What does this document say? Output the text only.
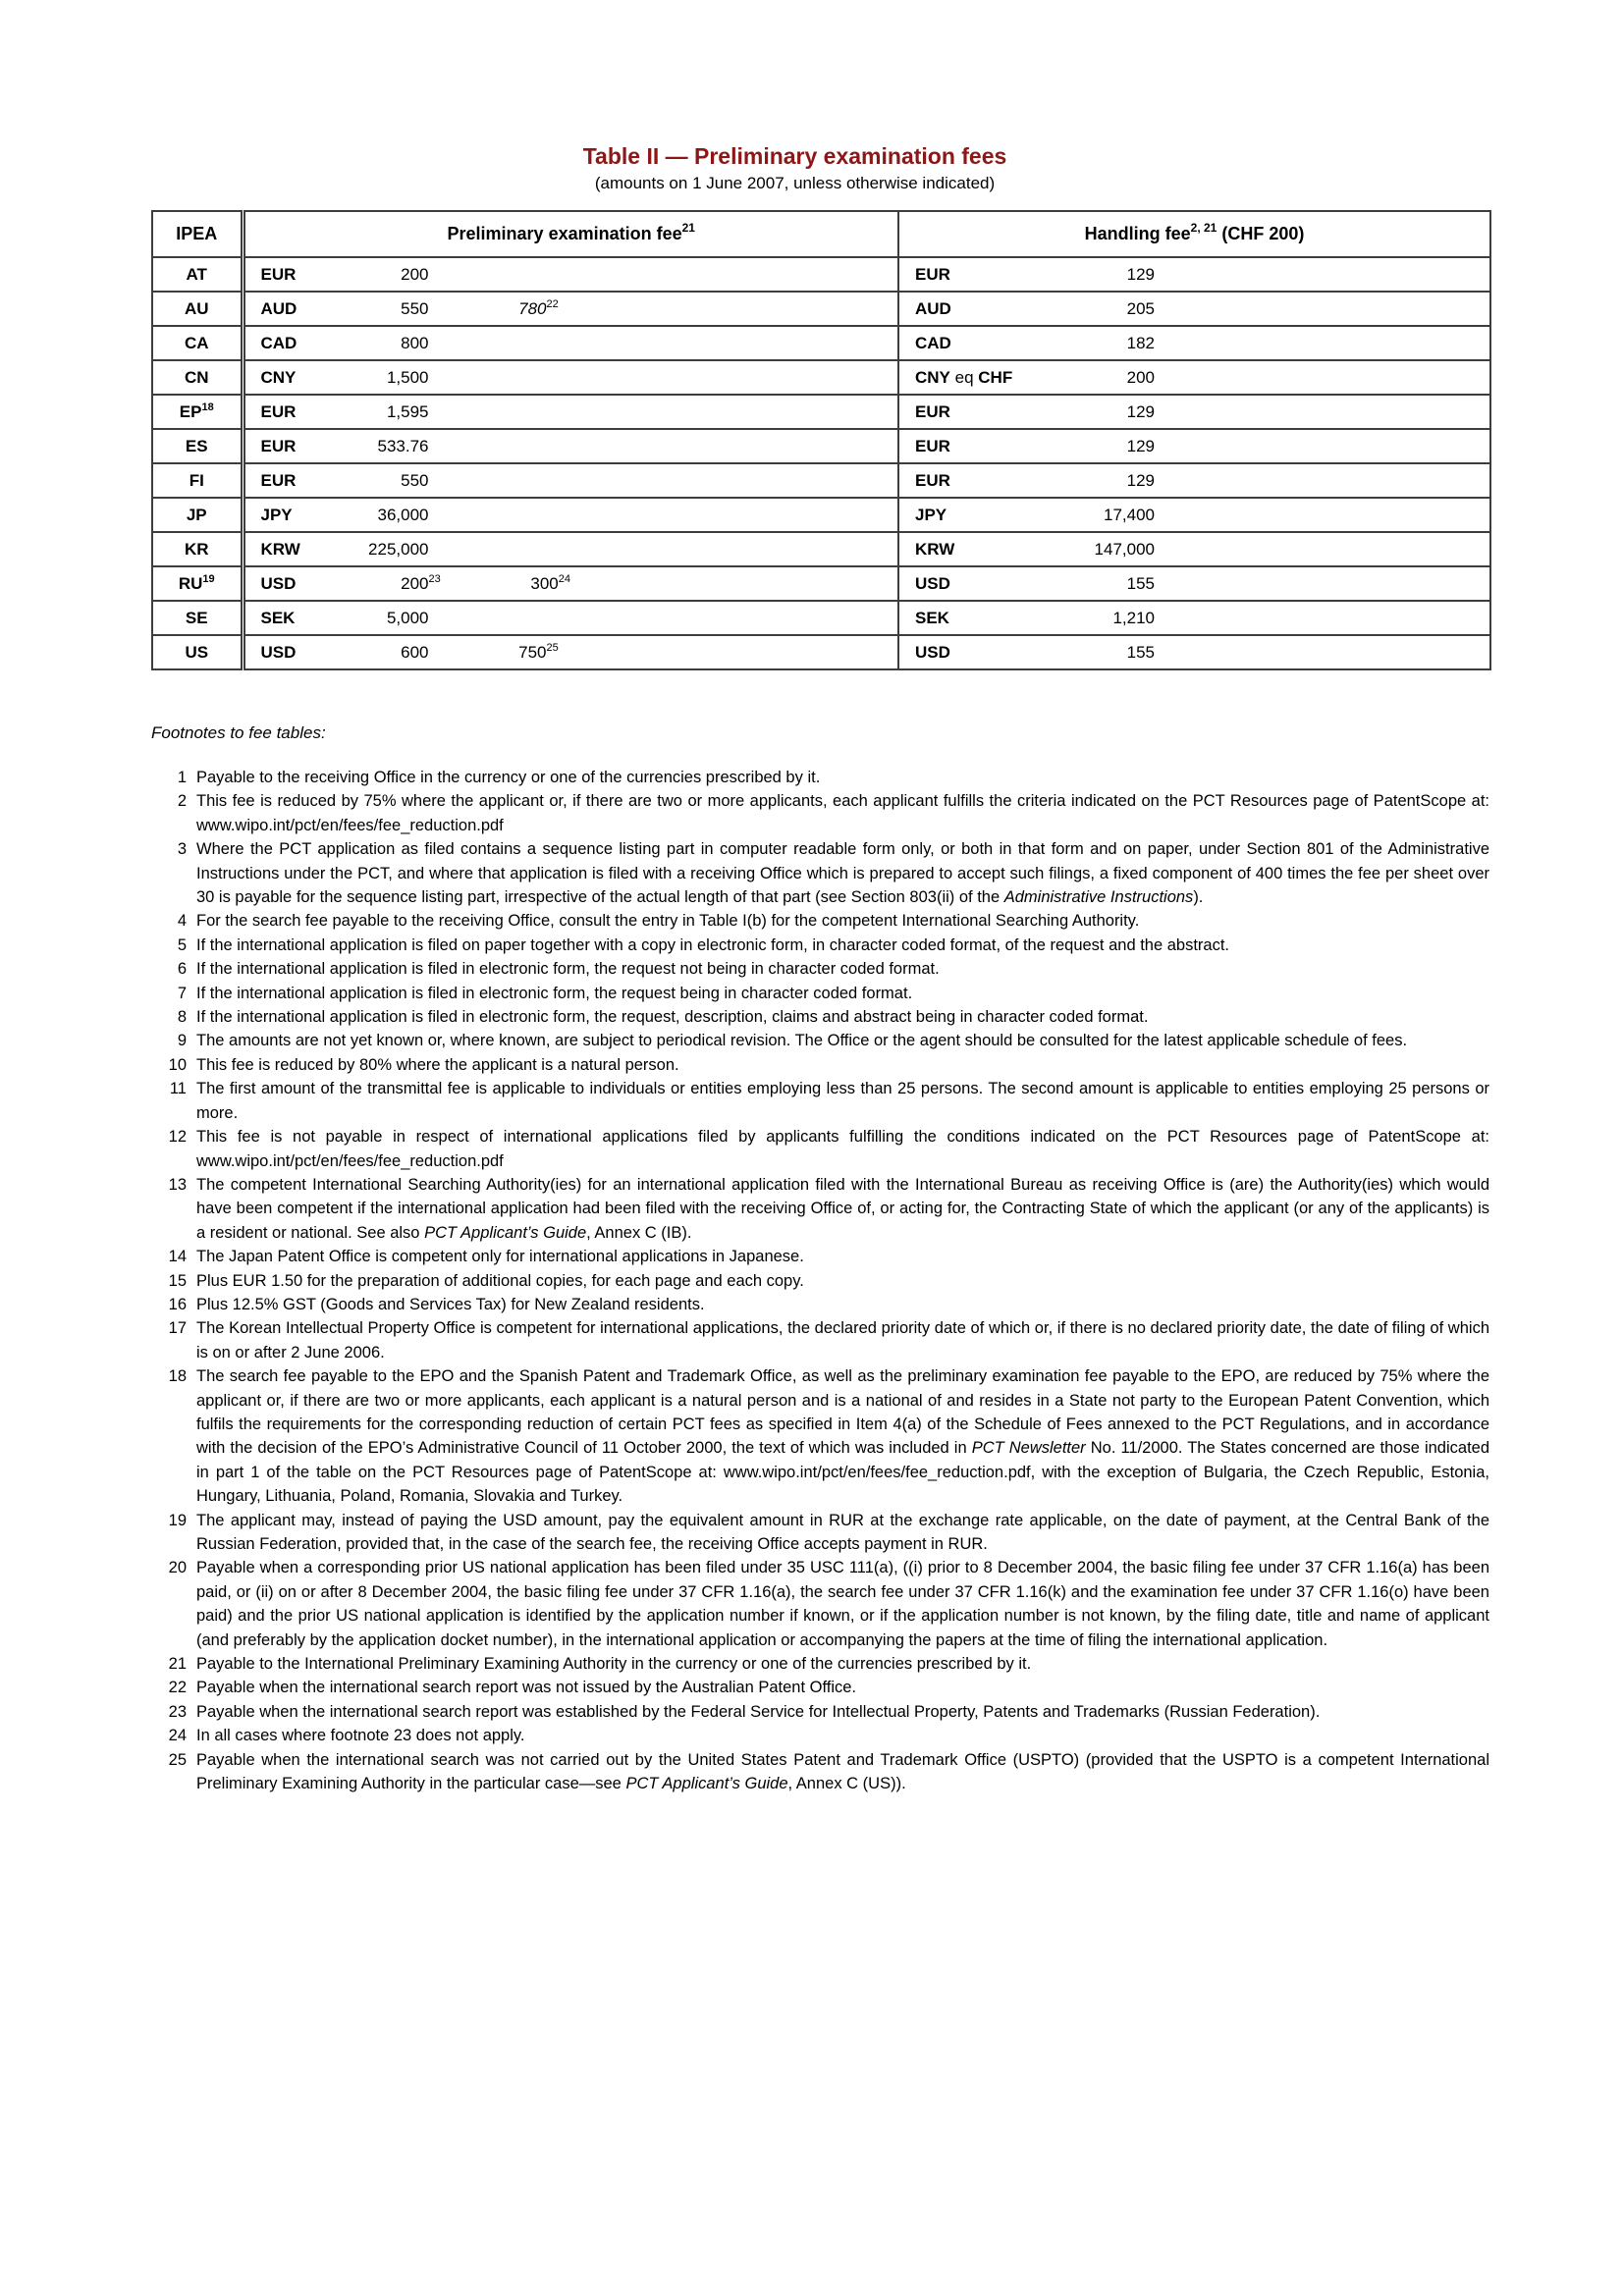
Table II — Preliminary examination fees
(amounts on 1 June 2007, unless otherwise indicated)
IPEA	Preliminary examination fee$^{21}$	Handling fee$^{2, 21}$ (CHF 200)
AT	EUR 200	EUR 129
AU	AUD 550 780$^{22}$	AUD 205
CA	CAD 800	CAD 182
CN	CNY 1,500	CNY eq CHF 200
EP$^{18}$	EUR 1,595	EUR 129
ES	EUR 533.76	EUR 129
FI	EUR 550	EUR 129
JP	JPY 36,000	JPY 17,400
KR	KRW 225,000	KRW 147,000
RU$^{19}$	USD 200$^{23}$ 300$^{24}$	USD 155
SE	SEK 5,000	SEK 1,210
US	USD 600 750$^{25}$	USD 155
Footnotes to fee tables:
1 Payable to the receiving Office in the currency or one of the currencies prescribed by it.
2 This fee is reduced by 75% where the applicant or, if there are two or more applicants, each applicant fulfills the criteria indicated on the PCT Resources page of PatentScope at: www.wipo.int/pct/en/fees/fee_reduction.pdf
3 Where the PCT application as filed contains a sequence listing part in computer readable form only, or both in that form and on paper, under Section 801 of the Administrative Instructions under the PCT, and where that application is filed with a receiving Office which is prepared to accept such filings, a fixed component of 400 times the fee per sheet over 30 is payable for the sequence listing part, irrespective of the actual length of that part (see Section 803(ii) of the Administrative Instructions).
4 For the search fee payable to the receiving Office, consult the entry in Table I(b) for the competent International Searching Authority.
5 If the international application is filed on paper together with a copy in electronic form, in character coded format, of the request and the abstract.
6 If the international application is filed in electronic form, the request not being in character coded format.
7 If the international application is filed in electronic form, the request being in character coded format.
8 If the international application is filed in electronic form, the request, description, claims and abstract being in character coded format.
9 The amounts are not yet known or, where known, are subject to periodical revision. The Office or the agent should be consulted for the latest applicable schedule of fees.
10 This fee is reduced by 80% where the applicant is a natural person.
11 The first amount of the transmittal fee is applicable to individuals or entities employing less than 25 persons. The second amount is applicable to entities employing 25 persons or more.
12 This fee is not payable in respect of international applications filed by applicants fulfilling the conditions indicated on the PCT Resources page of PatentScope at: www.wipo.int/pct/en/fees/fee_reduction.pdf
13 The competent International Searching Authority(ies) for an international application filed with the International Bureau as receiving Office is (are) the Authority(ies) which would have been competent if the international application had been filed with the receiving Office of, or acting for, the Contracting State of which the applicant (or any of the applicants) is a resident or national. See also PCT Applicant’s Guide, Annex C (IB).
14 The Japan Patent Office is competent only for international applications in Japanese.
15 Plus EUR 1.50 for the preparation of additional copies, for each page and each copy.
16 Plus 12.5% GST (Goods and Services Tax) for New Zealand residents.
17 The Korean Intellectual Property Office is competent for international applications, the declared priority date of which or, if there is no declared priority date, the date of filing of which is on or after 2 June 2006.
18 The search fee payable to the EPO and the Spanish Patent and Trademark Office, as well as the preliminary examination fee payable to the EPO, are reduced by 75% where the applicant or, if there are two or more applicants, each applicant is a natural person and is a national of and resides in a State not party to the European Patent Convention, which fulfils the requirements for the corresponding reduction of certain PCT fees as specified in Item 4(a) of the Schedule of Fees annexed to the PCT Regulations, and in accordance with the decision of the EPO’s Administrative Council of 11 October 2000, the text of which was included in PCT Newsletter No. 11/2000. The States concerned are those indicated in part 1 of the table on the PCT Resources page of PatentScope at: www.wipo.int/pct/en/fees/fee_reduction.pdf, with the exception of Bulgaria, the Czech Republic, Estonia, Hungary, Lithuania, Poland, Romania, Slovakia and Turkey.
19 The applicant may, instead of paying the USD amount, pay the equivalent amount in RUR at the exchange rate applicable, on the date of payment, at the Central Bank of the Russian Federation, provided that, in the case of the search fee, the receiving Office accepts payment in RUR.
20 Payable when a corresponding prior US national application has been filed under 35 USC 111(a), ((i) prior to 8 December 2004, the basic filing fee under 37 CFR 1.16(a) has been paid, or (ii) on or after 8 December 2004, the basic filing fee under 37 CFR 1.16(a), the search fee under 37 CFR 1.16(k) and the examination fee under 37 CFR 1.16(o) have been paid) and the prior US national application is identified by the application number if known, or if the application number is not known, by the filing date, title and name of applicant (and preferably by the application docket number), in the international application or accompanying the papers at the time of filing the international application.
21 Payable to the International Preliminary Examining Authority in the currency or one of the currencies prescribed by it.
22 Payable when the international search report was not issued by the Australian Patent Office.
23 Payable when the international search report was established by the Federal Service for Intellectual Property, Patents and Trademarks (Russian Federation).
24 In all cases where footnote 23 does not apply.
25 Payable when the international search was not carried out by the United States Patent and Trademark Office (USPTO) (provided that the USPTO is a competent International Preliminary Examining Authority in the particular case—see PCT Applicant’s Guide, Annex C (US)).
